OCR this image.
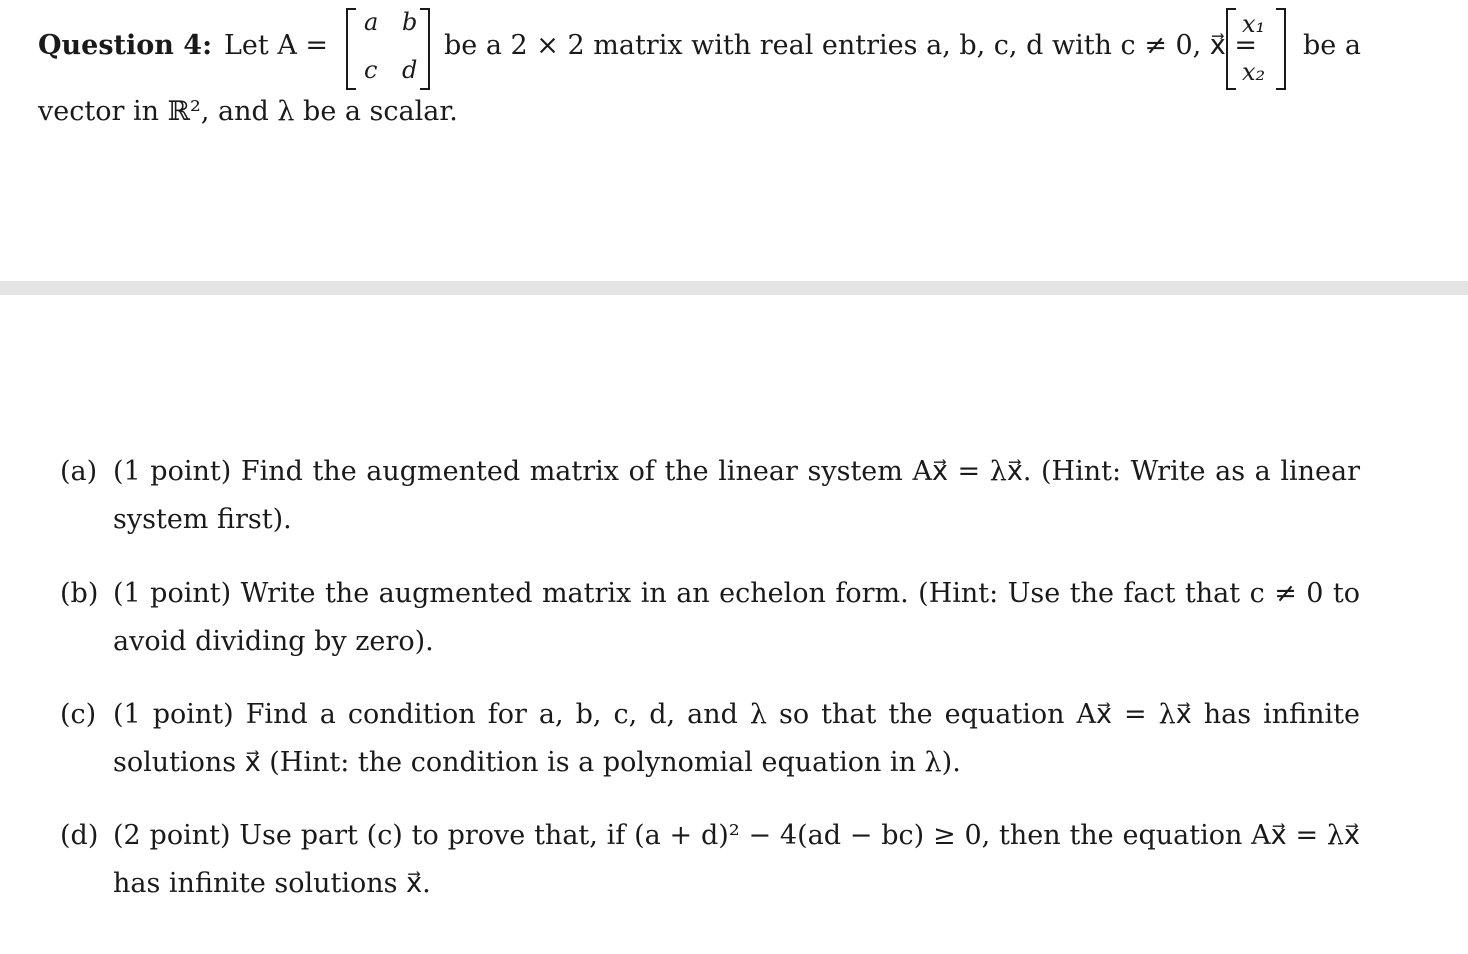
Question 4: Let A =
a b
c d
be a 2 × 2 matrix with real entries a, b, c, d with c ≠ 0, x⃗ =
x₁
x₂
be a
vector in ℝ², and λ be a scalar.
(a) (1 point) Find the augmented matrix of the linear system Ax⃗ = λx⃗. (Hint: Write as a linear system first).
(b) (1 point) Write the augmented matrix in an echelon form. (Hint: Use the fact that c ≠ 0 to avoid dividing by zero).
(c) (1 point) Find a condition for a, b, c, d, and λ so that the equation Ax⃗ = λx⃗ has infinite solutions x⃗ (Hint: the condition is a polynomial equation in λ).
(d) (2 point) Use part (c) to prove that, if (a + d)² − 4(ad − bc) ≥ 0, then the equation Ax⃗ = λx⃗ has infinite solutions x⃗.
